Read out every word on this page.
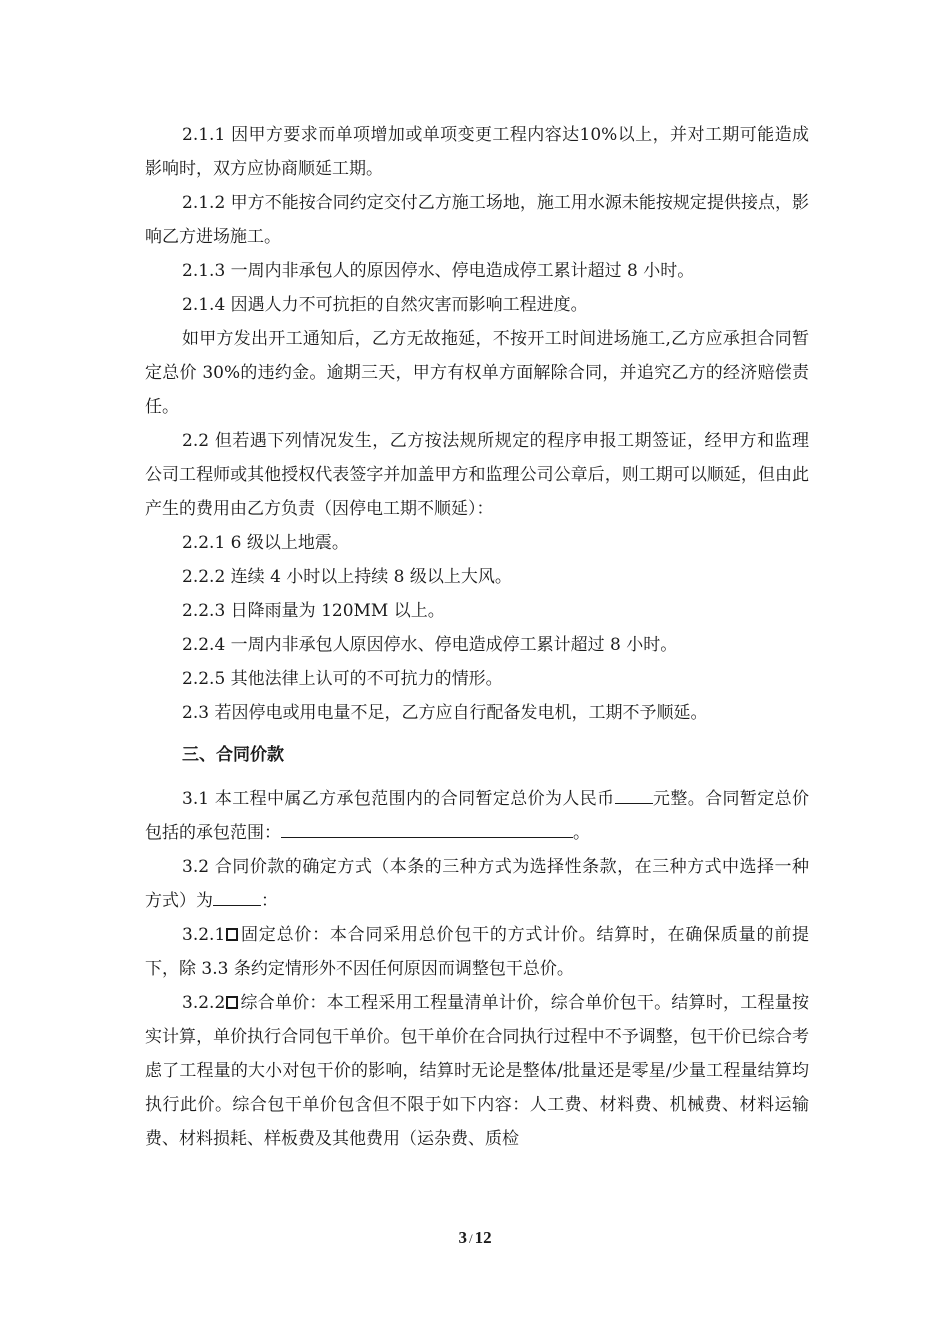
2.1.1 因甲方要求而单项增加或单项变更工程内容达10%以上，并对工期可能造成影响时，双方应协商顺延工期。

2.1.2 甲方不能按合同约定交付乙方施工场地，施工用水源未能按规定提供接点，影响乙方进场施工。

2.1.3 一周内非承包人的原因停水、停电造成停工累计超过 8 小时。

2.1.4 因遇人力不可抗拒的自然灾害而影响工程进度。

如甲方发出开工通知后，乙方无故拖延，不按开工时间进场施工,乙方应承担合同暂定总价 30%的违约金。逾期三天，甲方有权单方面解除合同，并追究乙方的经济赔偿责任。

2.2 但若遇下列情况发生，乙方按法规所规定的程序申报工期签证，经甲方和监理公司工程师或其他授权代表签字并加盖甲方和监理公司公章后，则工期可以顺延，但由此产生的费用由乙方负责（因停电工期不顺延）：

2.2.1 6 级以上地震。

2.2.2 连续 4 小时以上持续 8 级以上大风。

2.2.3 日降雨量为 120MM 以上。

2.2.4 一周内非承包人原因停水、停电造成停工累计超过 8 小时。

2.2.5 其他法律上认可的不可抗力的情形。

2.3 若因停电或用电量不足，乙方应自行配备发电机，工期不予顺延。

三、合同价款

3.1 本工程中属乙方承包范围内的合同暂定总价为人民币 元整。合同暂定总价包括的承包范围：	。

3.2 合同价款的确定方式（本条的三种方式为选择性条款，在三种方式中选择一种方式）为	：

3.2.1 固定总价：本合同采用总价包干的方式计价。结算时，在确保质量的前提下，除 3.3 条约定情形外不因任何原因而调整包干总价。

3.2.2 综合单价：本工程采用工程量清单计价，综合单价包干。结算时，工程量按实计算，单价执行合同包干单价。包干单价在合同执行过程中不予调整，包干价已综合考虑了工程量的大小对包干价的影响，结算时无论是整体/批量还是零星/少量工程量结算均执行此价。综合包干单价包含但不限于如下内容：人工费、材料费、机械费、材料运输费、材料损耗、样板费及其他费用（运杂费、质检

3 / 12
